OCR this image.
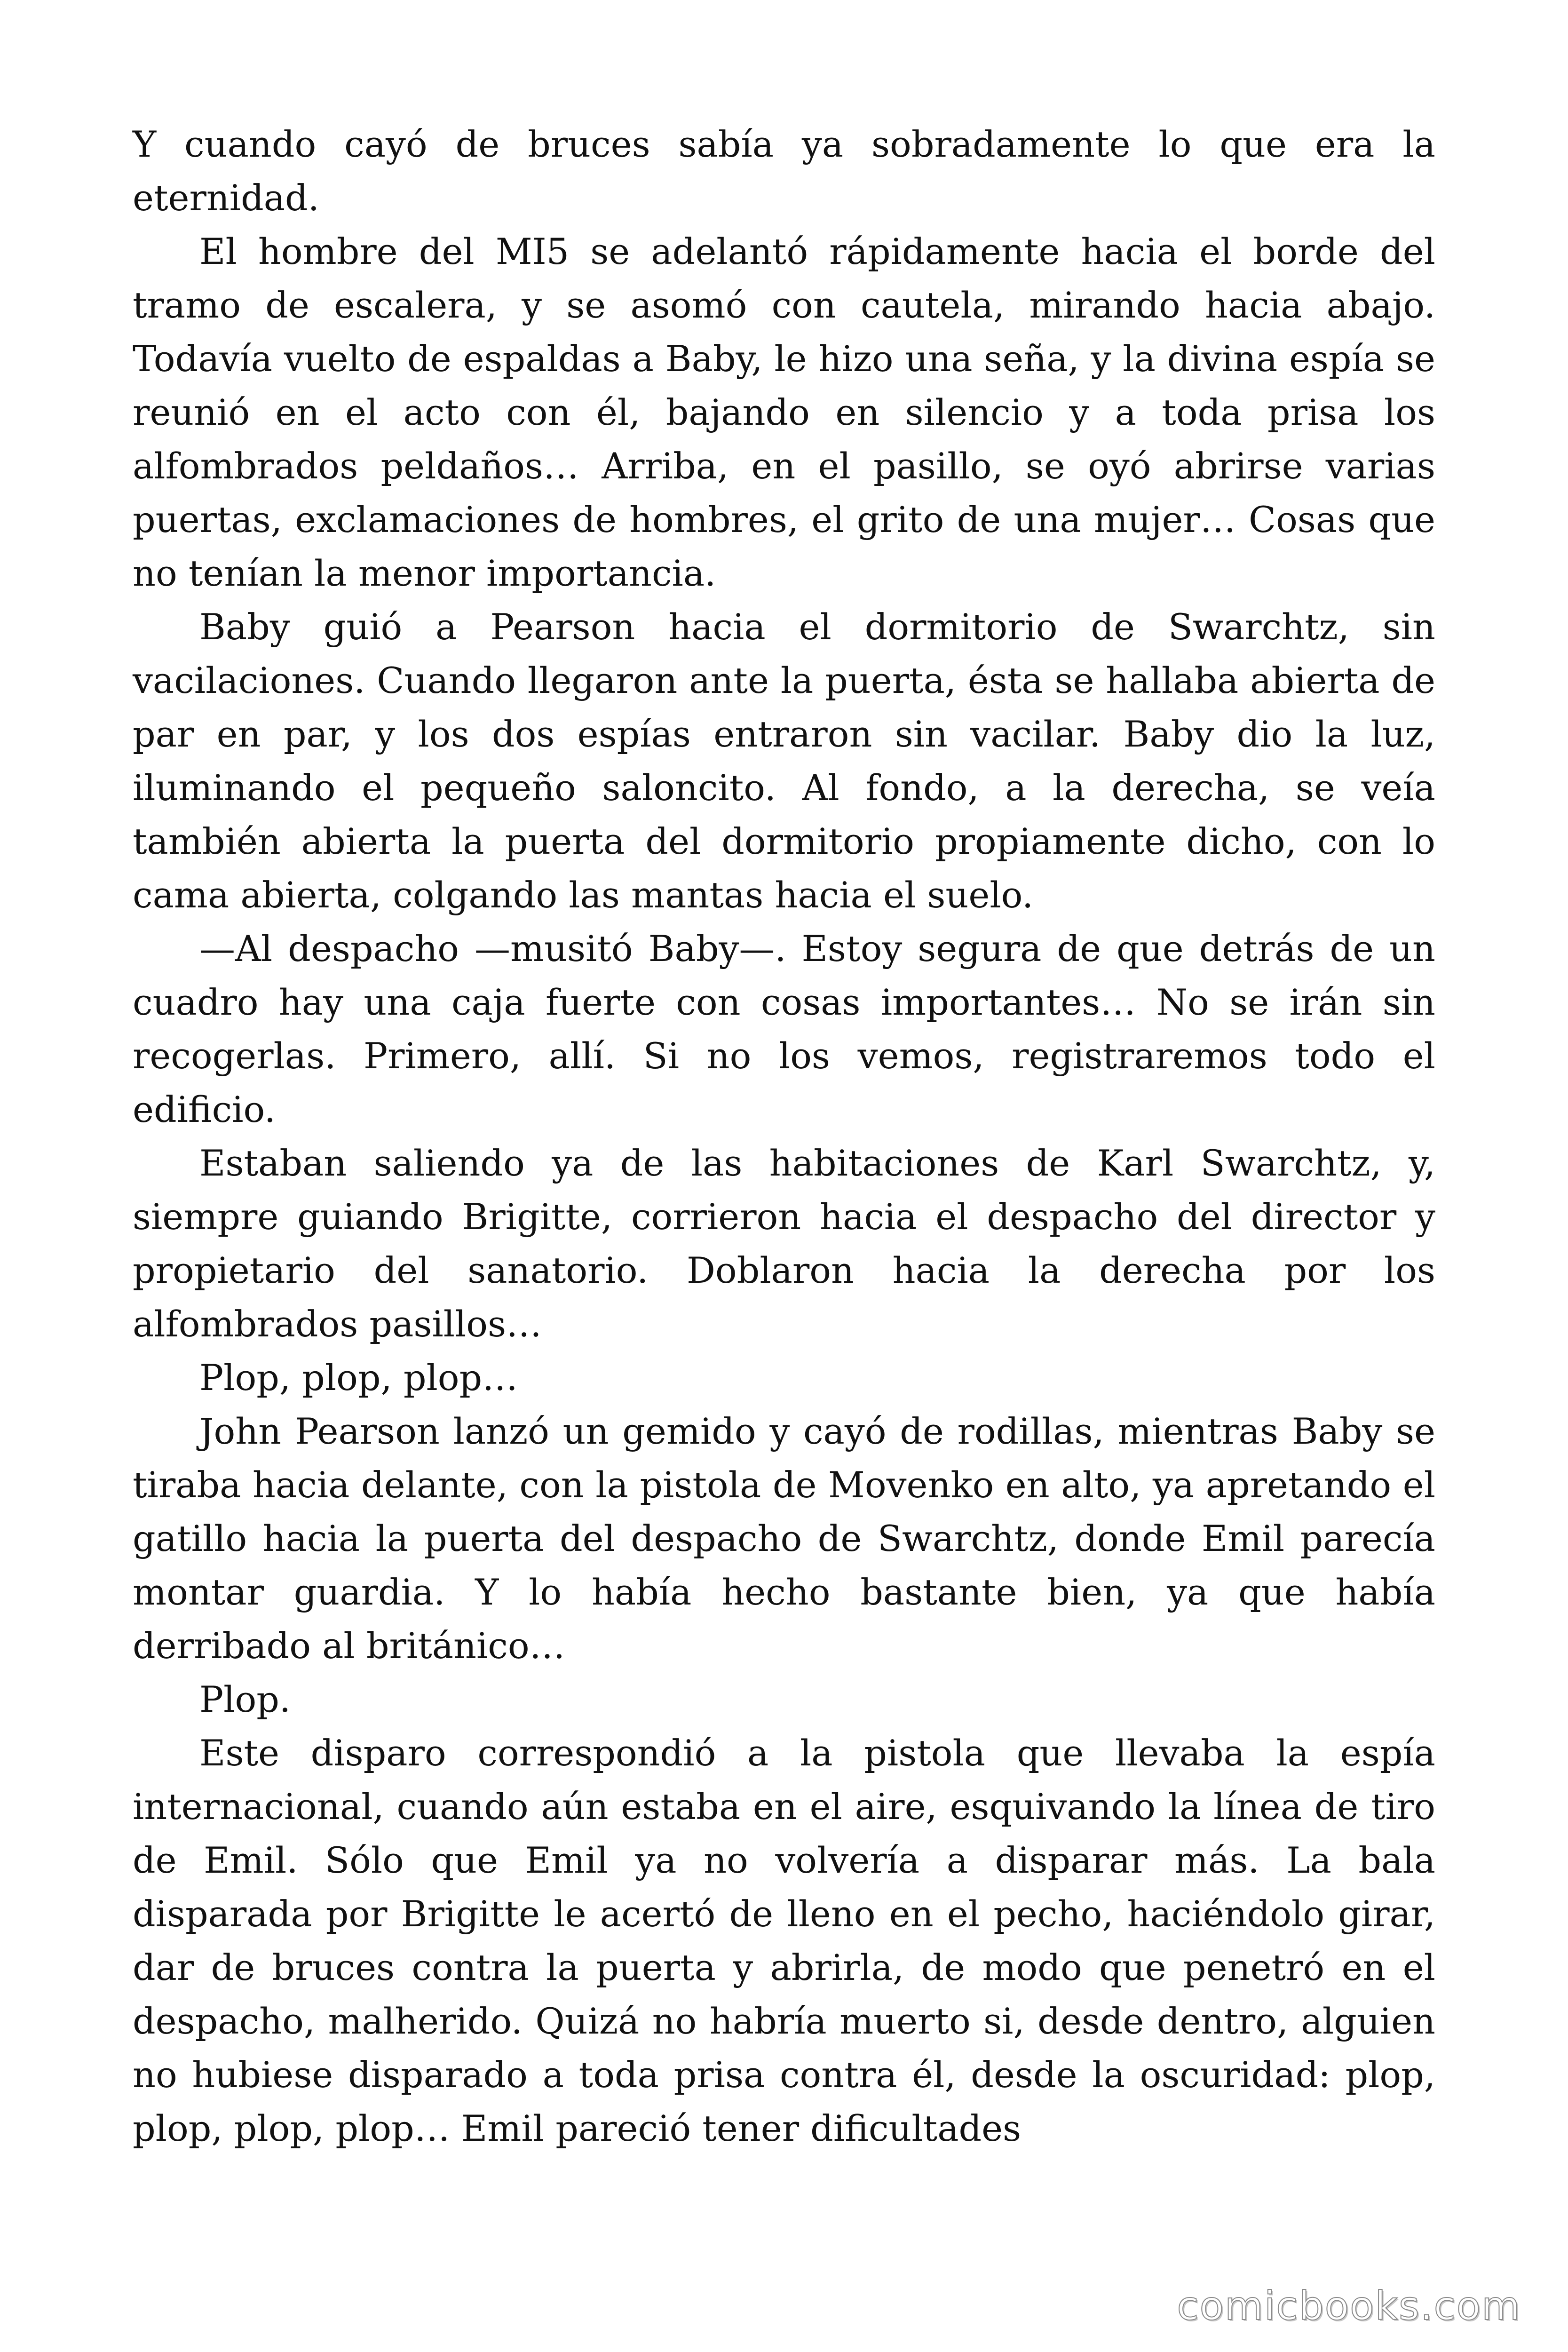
Y cuando cayó de bruces sabía ya sobradamente lo que era la eternidad.

El hombre del MI5 se adelantó rápidamente hacia el borde del tramo de escalera, y se asomó con cautela, mirando hacia abajo. Todavía vuelto de espaldas a Baby, le hizo una seña, y la divina espía se reunió en el acto con él, bajando en silencio y a toda prisa los alfombrados peldaños… Arriba, en el pasillo, se oyó abrirse varias puertas, exclamaciones de hombres, el grito de una mujer… Cosas que no tenían la menor importancia.

Baby guió a Pearson hacia el dormitorio de Swarchtz, sin vacilaciones. Cuando llegaron ante la puerta, ésta se hallaba abierta de par en par, y los dos espías entraron sin vacilar. Baby dio la luz, iluminando el pequeño saloncito. Al fondo, a la derecha, se veía también abierta la puerta del dormitorio propiamente dicho, con lo cama abierta, colgando las mantas hacia el suelo.

—Al despacho —musitó Baby—. Estoy segura de que detrás de un cuadro hay una caja fuerte con cosas importantes… No se irán sin recogerlas. Primero, allí. Si no los vemos, registraremos todo el edificio.

Estaban saliendo ya de las habitaciones de Karl Swarchtz, y, siempre guiando Brigitte, corrieron hacia el despacho del director y propietario del sanatorio. Doblaron hacia la derecha por los alfombrados pasillos…

Plop, plop, plop…

John Pearson lanzó un gemido y cayó de rodillas, mientras Baby se tiraba hacia delante, con la pistola de Movenko en alto, ya apretando el gatillo hacia la puerta del despacho de Swarchtz, donde Emil parecía montar guardia. Y lo había hecho bastante bien, ya que había derribado al británico…

Plop.

Este disparo correspondió a la pistola que llevaba la espía internacional, cuando aún estaba en el aire, esquivando la línea de tiro de Emil. Sólo que Emil ya no volvería a disparar más. La bala disparada por Brigitte le acertó de lleno en el pecho, haciéndolo girar, dar de bruces contra la puerta y abrirla, de modo que penetró en el despacho, malherido. Quizá no habría muerto si, desde dentro, alguien no hubiese disparado a toda prisa contra él, desde la oscuridad: plop, plop, plop, plop… Emil pareció tener dificultades

comicbooks.com
